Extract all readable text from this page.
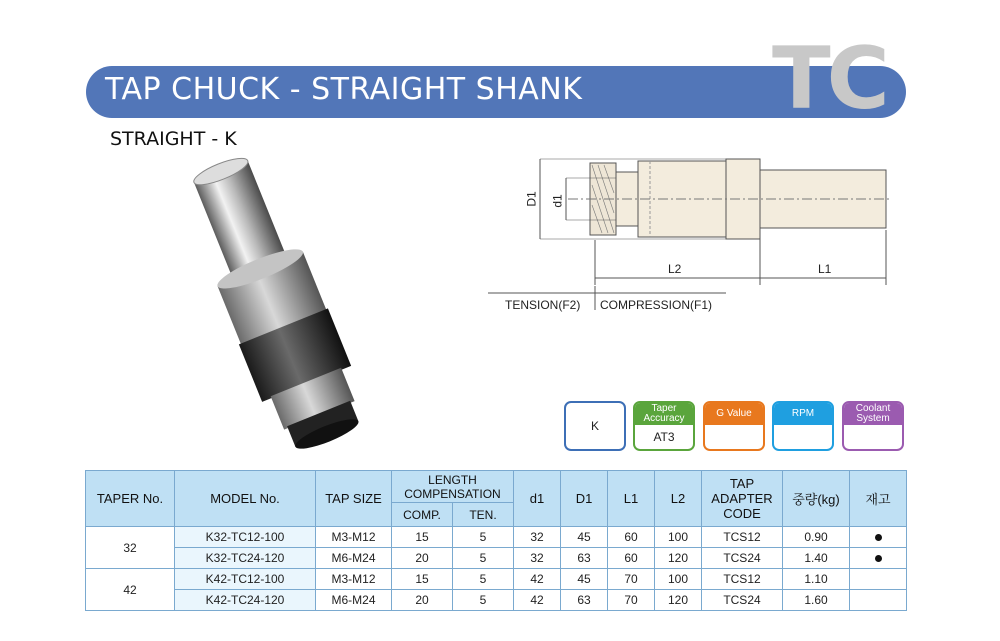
TAP CHUCK - STRAIGHT SHANK TC
STRAIGHT - K
D1 d1
L2	L1
TENSION(F2) COMPRESSION(F1)
K
Taper Accuracy
AT3
G Value	RPM	Coolant System
TAPER No.	MODEL No.	TAP SIZE	LENGTH COMPENSATION		d1	D1	L1	L2	TAP ADAPTER CODE	중량(kg)	재고
			COMP.	TEN.							
32	K32-TC12-100	M3-M12	15	5	32	45	60	100	TCS12	0.90	
	K32-TC24-120	M6-M24	20	5	32	63	60	120	TCS24	1.40	
42	K42-TC12-100	M3-M12	15	5	42	45	70	100	TCS12	1.10	
	K42-TC24-120	M6-M24	20	5	42	63	70	120	TCS24	1.60	
